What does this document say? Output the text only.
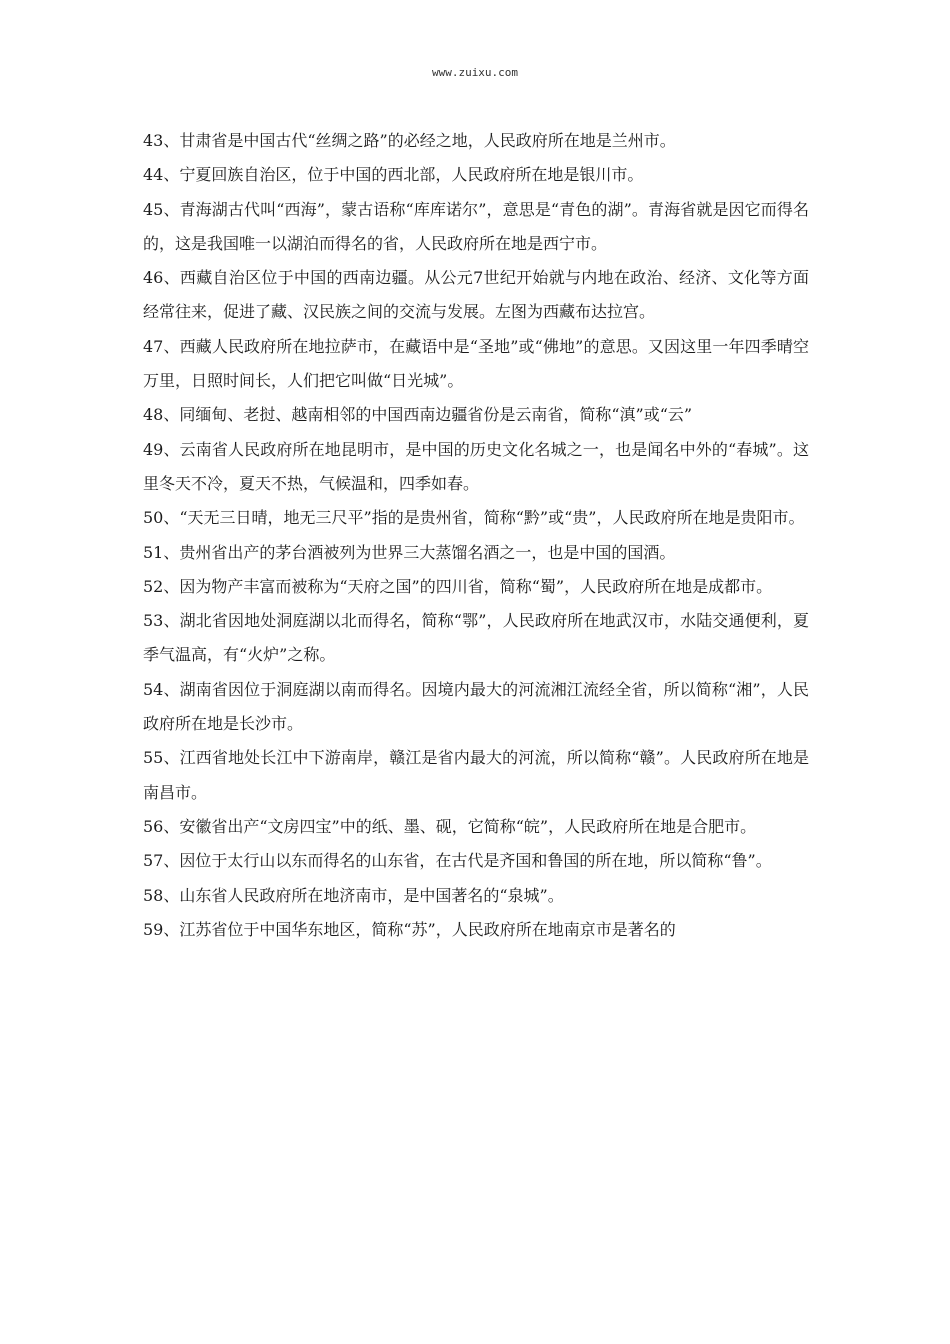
www.zuixu.com

43、甘肃省是中国古代“丝绸之路”的必经之地，人民政府所在地是兰州市。

44、宁夏回族自治区，位于中国的西北部，人民政府所在地是银川市。

45、青海湖古代叫“西海”，蒙古语称“库库诺尔”，意思是“青色的湖”。青海省就是因它而得名的，这是我国唯一以湖泊而得名的省，人民政府所在地是西宁市。

46、西藏自治区位于中国的西南边疆。从公元7世纪开始就与内地在政治、经济、文化等方面经常往来，促进了藏、汉民族之间的交流与发展。左图为西藏布达拉宫。

47、西藏人民政府所在地拉萨市，在藏语中是“圣地”或“佛地”的意思。又因这里一年四季晴空万里，日照时间长，人们把它叫做“日光城”。

48、同缅甸、老挝、越南相邻的中国西南边疆省份是云南省，简称“滇”或“云”

49、云南省人民政府所在地昆明市，是中国的历史文化名城之一，也是闻名中外的“春城”。这里冬天不冷，夏天不热，气候温和，四季如春。

50、“天无三日晴，地无三尺平”指的是贵州省，简称“黔”或“贵”，人民政府所在地是贵阳市。

51、贵州省出产的茅台酒被列为世界三大蒸馏名酒之一，也是中国的国酒。

52、因为物产丰富而被称为“天府之国”的四川省，简称“蜀”，人民政府所在地是成都市。

53、湖北省因地处洞庭湖以北而得名，简称“鄂”，人民政府所在地武汉市，水陆交通便利，夏季气温高，有“火炉”之称。

54、湖南省因位于洞庭湖以南而得名。因境内最大的河流湘江流经全省，所以简称“湘”，人民政府所在地是长沙市。

55、江西省地处长江中下游南岸，赣江是省内最大的河流，所以简称“赣”。人民政府所在地是南昌市。

56、安徽省出产“文房四宝”中的纸、墨、砚，它简称“皖”，人民政府所在地是合肥市。

57、因位于太行山以东而得名的山东省，在古代是齐国和鲁国的所在地，所以简称“鲁”。

58、山东省人民政府所在地济南市，是中国著名的“泉城”。

59、江苏省位于中国华东地区，简称“苏”，人民政府所在地南京市是著名的
